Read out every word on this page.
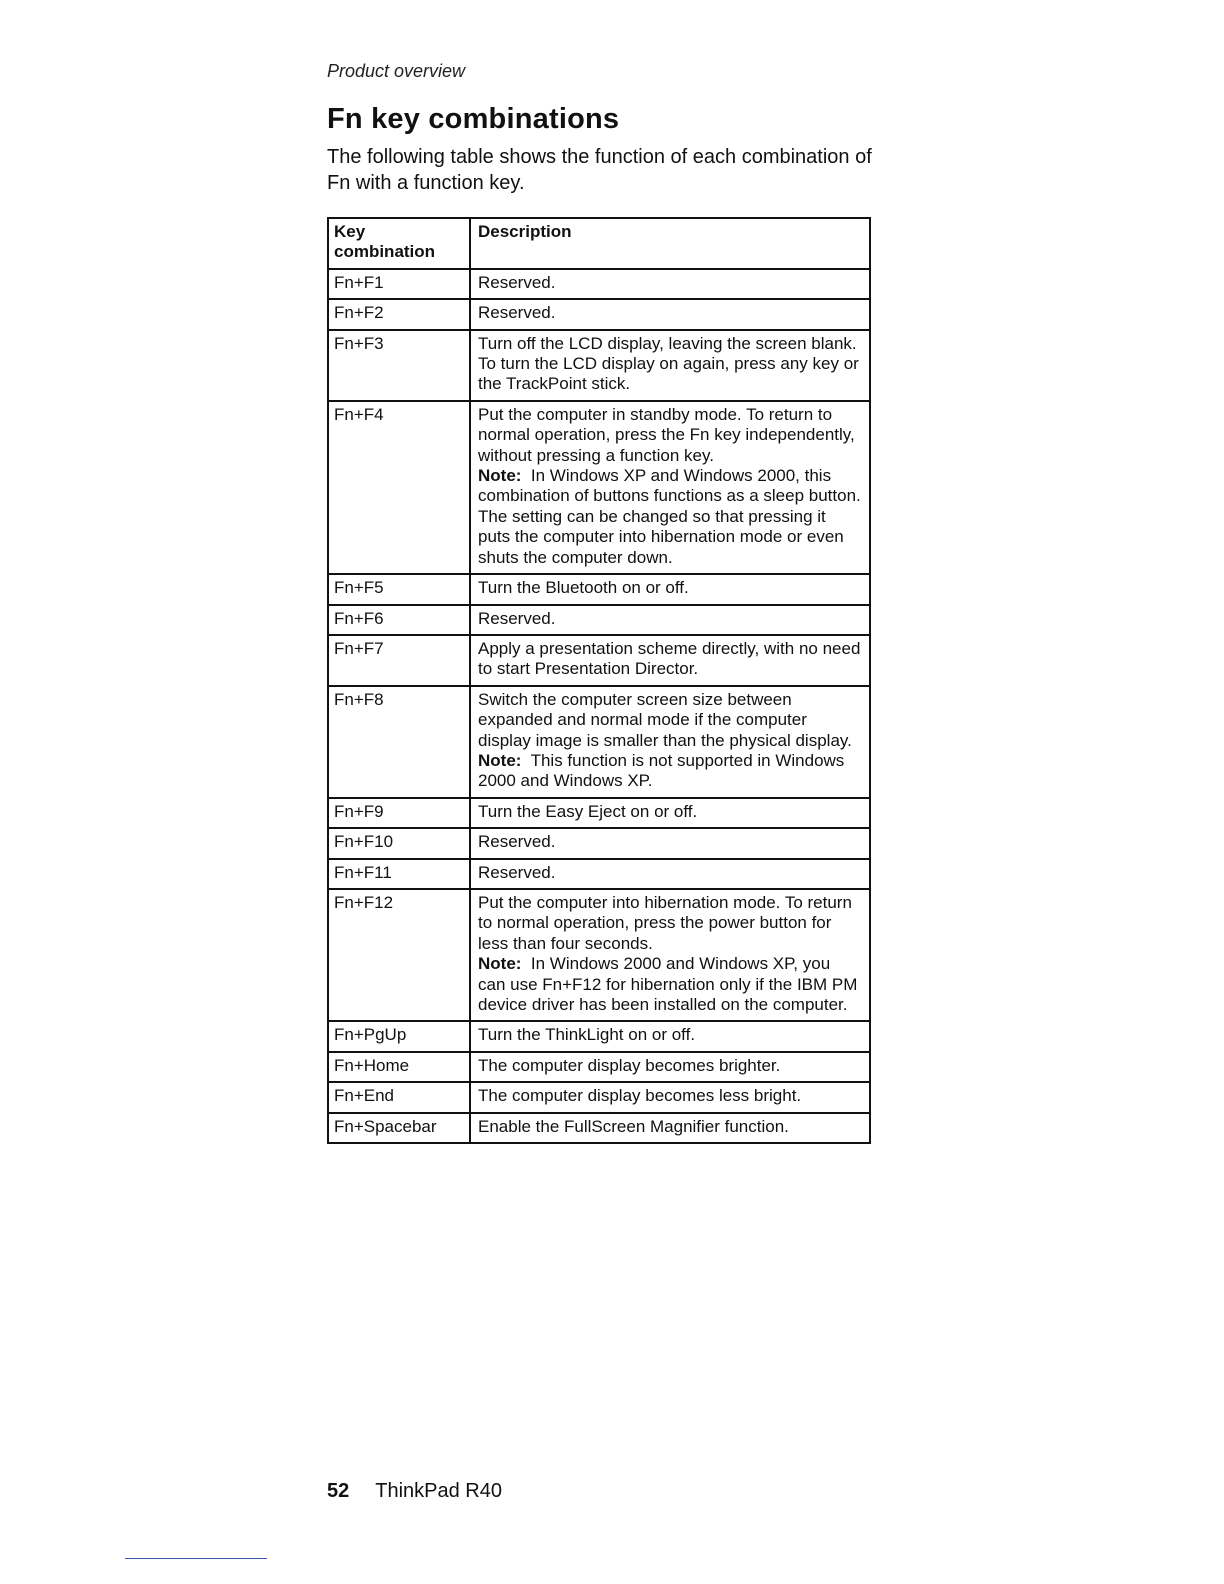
Product overview
Fn key combinations

The following table shows the function of each combination of Fn with a function key.

Key combination	Description
Fn+F1	Reserved.
Fn+F2	Reserved.
Fn+F3	Turn off the LCD display, leaving the screen blank. To turn the LCD display on again, press any key or the TrackPoint stick.
Fn+F4	Put the computer in standby mode. To return to normal operation, press the Fn key independently, without pressing a function key.
Note: In Windows XP and Windows 2000, this combination of buttons functions as a sleep button. The setting can be changed so that pressing it puts the computer into hibernation mode or even shuts the computer down.

Fn+F5	Turn the Bluetooth on or off.
Fn+F6	Reserved.
Fn+F7	Apply a presentation scheme directly, with no need to start Presentation Director.
Fn+F8	Switch the computer screen size between expanded and normal mode if the computer display image is smaller than the physical display.
Note: This function is not supported in Windows 2000 and Windows XP.

Fn+F9	Turn the Easy Eject on or off.
Fn+F10	Reserved.
Fn+F11	Reserved.
Fn+F12	Put the computer into hibernation mode. To return to normal operation, press the power button for less than four seconds.
Note: In Windows 2000 and Windows XP, you can use Fn+F12 for hibernation only if the IBM PM device driver has been installed on the computer.

Fn+PgUp	Turn the ThinkLight on or off.
Fn+Home	The computer display becomes brighter.
Fn+End	The computer display becomes less bright.
Fn+Spacebar	Enable the FullScreen Magnifier function.
52 ThinkPad R40
